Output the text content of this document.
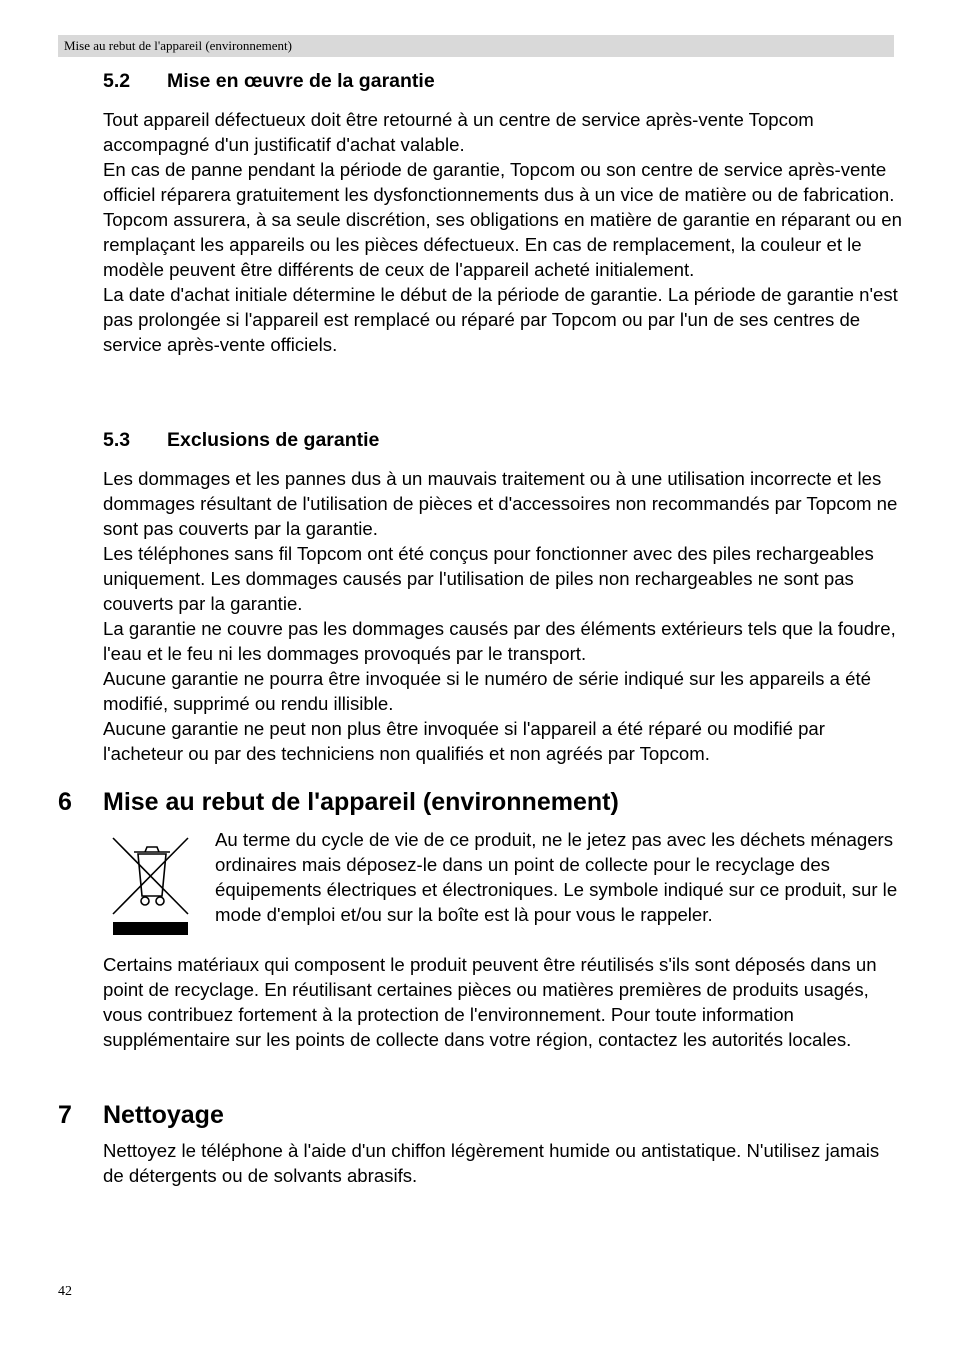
Mise au rebut de l'appareil (environnement)
5.2 Mise en œuvre de la garantie

Tout appareil défectueux doit être retourné à un centre de service après-vente Topcom accompagné d'un justificatif d'achat valable.

En cas de panne pendant la période de garantie, Topcom ou son centre de service après-vente officiel réparera gratuitement les dysfonctionnements dus à un vice de matière ou de fabrication.

Topcom assurera, à sa seule discrétion, ses obligations en matière de garantie en réparant ou en remplaçant les appareils ou les pièces défectueux. En cas de remplacement, la couleur et le modèle peuvent être différents de ceux de l'appareil acheté initialement.

La date d'achat initiale détermine le début de la période de garantie. La période de garantie n'est pas prolongée si l'appareil est remplacé ou réparé par Topcom ou par l'un de ses centres de service après-vente officiels.

5.3 Exclusions de garantie

Les dommages et les pannes dus à un mauvais traitement ou à une utilisation incorrecte et les dommages résultant de l'utilisation de pièces et d'accessoires non recommandés par Topcom ne sont pas couverts par la garantie.

Les téléphones sans fil Topcom ont été conçus pour fonctionner avec des piles rechargeables uniquement. Les dommages causés par l'utilisation de piles non rechargeables ne sont pas couverts par la garantie.

La garantie ne couvre pas les dommages causés par des éléments extérieurs tels que la foudre, l'eau et le feu ni les dommages provoqués par le transport.

Aucune garantie ne pourra être invoquée si le numéro de série indiqué sur les appareils a été modifié, supprimé ou rendu illisible.

Aucune garantie ne peut non plus être invoquée si l'appareil a été réparé ou modifié par l'acheteur ou par des techniciens non qualifiés et non agréés par Topcom.

6 Mise au rebut de l'appareil (environnement)

Au terme du cycle de vie de ce produit, ne le jetez pas avec les déchets ménagers ordinaires mais déposez-le dans un point de collecte pour le recyclage des équipements électriques et électroniques. Le symbole indiqué sur ce produit, sur le mode d'emploi et/ou sur la boîte est là pour vous le rappeler.

Certains matériaux qui composent le produit peuvent être réutilisés s'ils sont déposés dans un point de recyclage. En réutilisant certaines pièces ou matières premières de produits usagés, vous contribuez fortement à la protection de l'environnement. Pour toute information supplémentaire sur les points de collecte dans votre région, contactez les autorités locales.

7 Nettoyage

Nettoyez le téléphone à l'aide d'un chiffon légèrement humide ou antistatique. N'utilisez jamais de détergents ou de solvants abrasifs.

42
